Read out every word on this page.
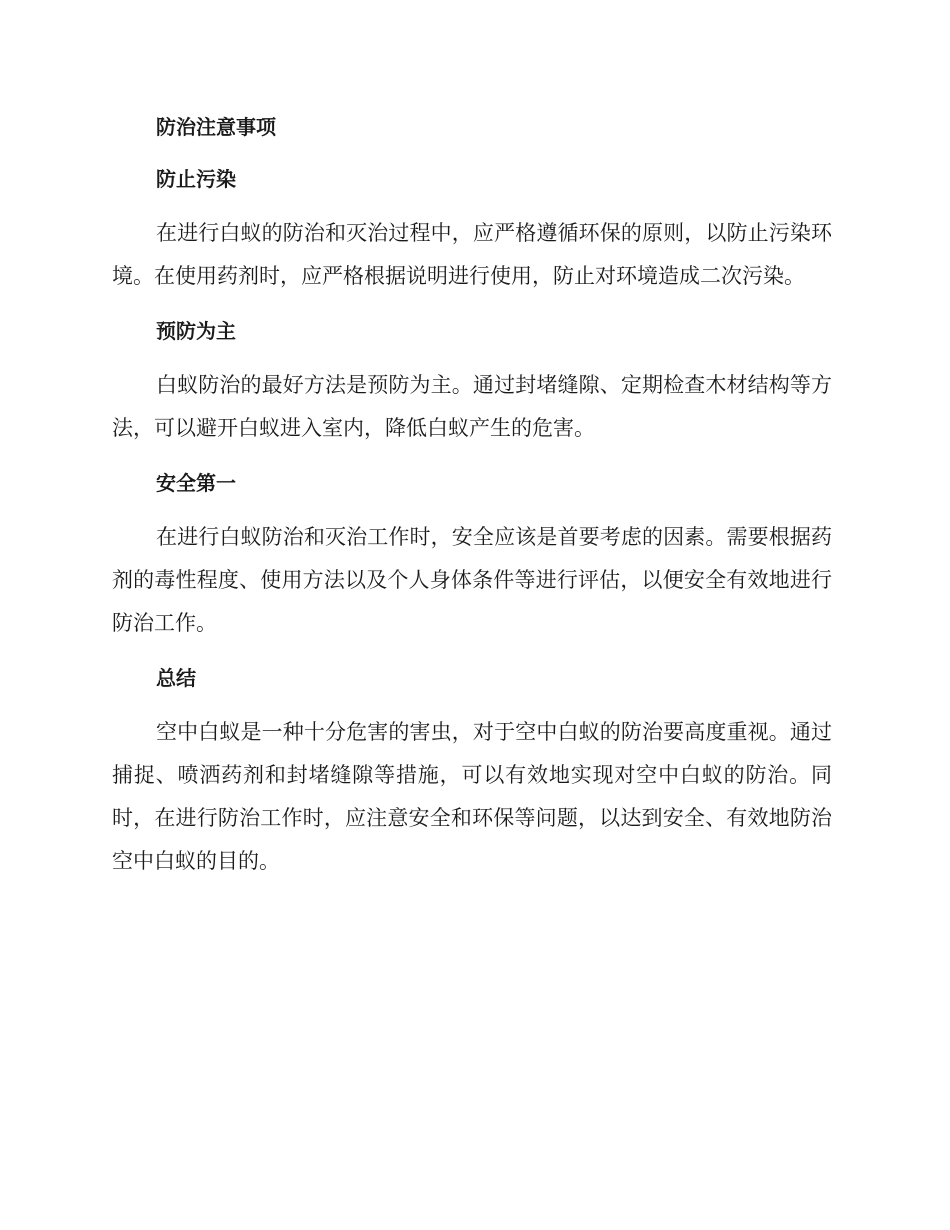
防治注意事项
防止污染

在进行白蚁的防治和灭治过程中，应严格遵循环保的原则，以防止污染环境。在使用药剂时，应严格根据说明进行使用，防止对环境造成二次污染。

预防为主

白蚁防治的最好方法是预防为主。通过封堵缝隙、定期检查木材结构等方法，可以避开白蚁进入室内，降低白蚁产生的危害。

安全第一

在进行白蚁防治和灭治工作时，安全应该是首要考虑的因素。需要根据药剂的毒性程度、使用方法以及个人身体条件等进行评估，以便安全有效地进行防治工作。

总结

空中白蚁是一种十分危害的害虫，对于空中白蚁的防治要高度重视。通过捕捉、喷洒药剂和封堵缝隙等措施，可以有效地实现对空中白蚁的防治。同时，在进行防治工作时，应注意安全和环保等问题，以达到安全、有效地防治空中白蚁的目的。
